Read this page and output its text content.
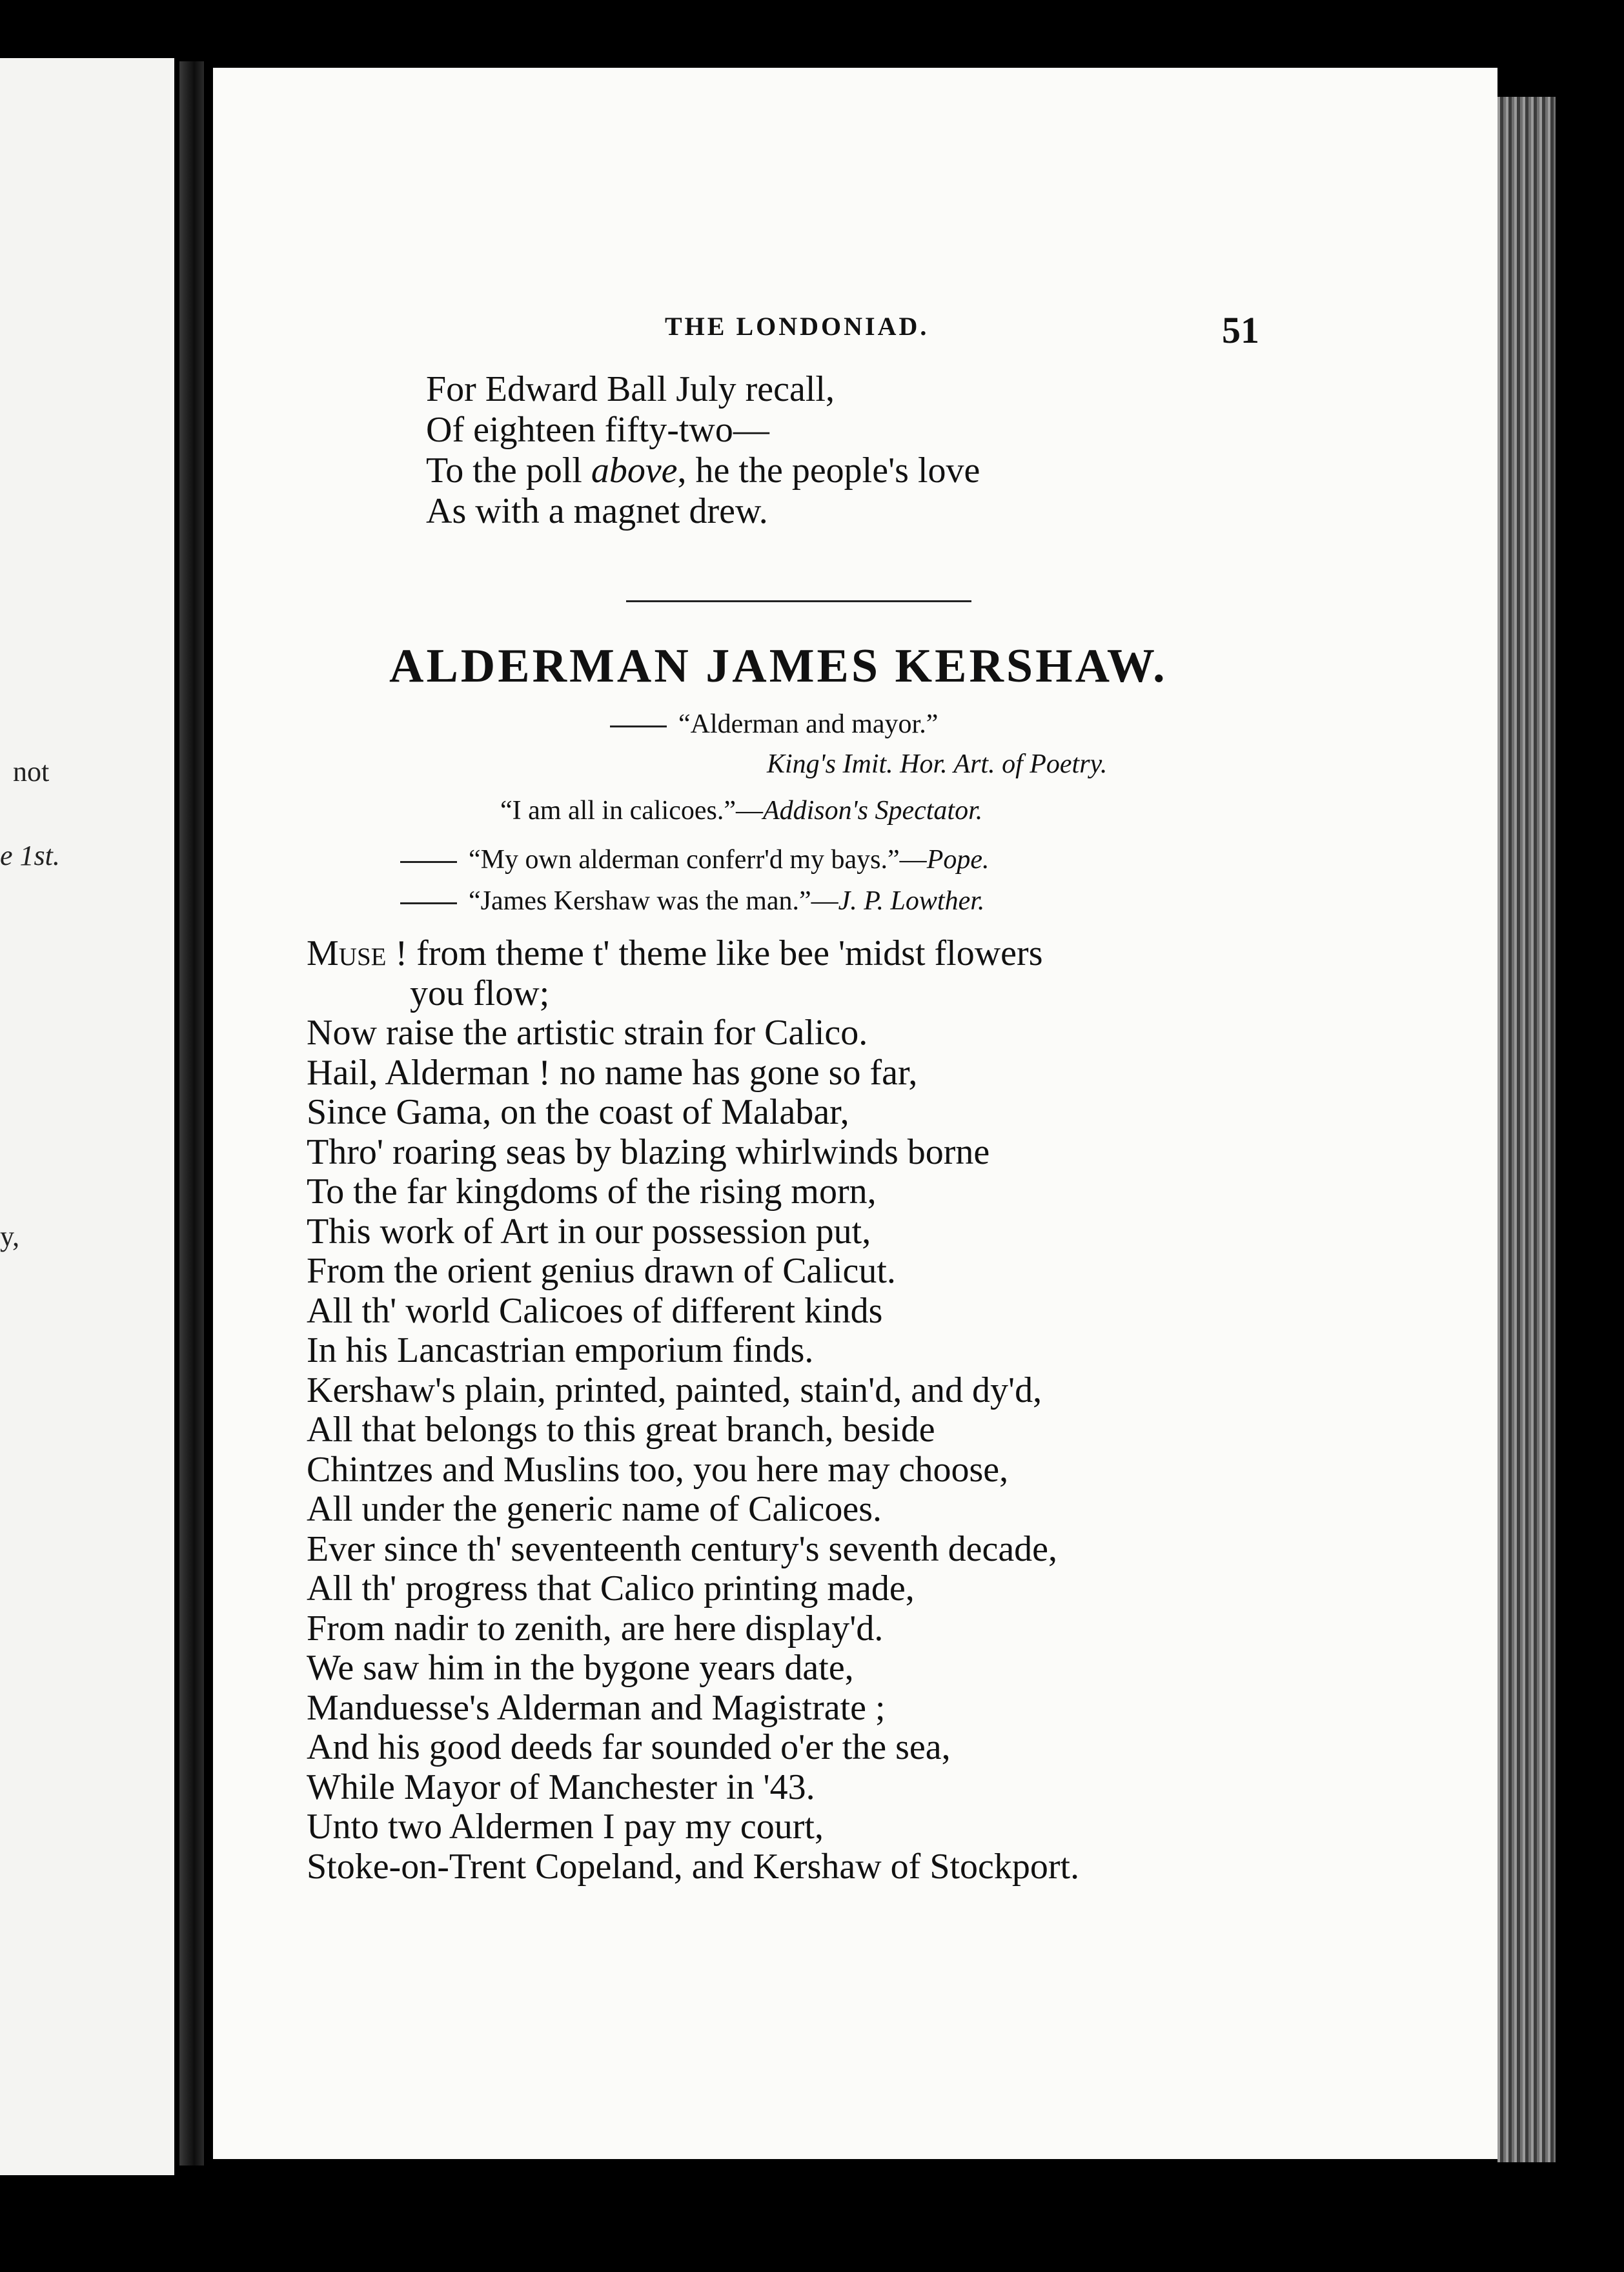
not
e 1st.
y,
THE LONDONIAD.	51
For Edward Ball July recall,
Of eighteen fifty-two—
To the poll above, he the people's love
As with a magnet drew.
ALDERMAN JAMES KERSHAW.
“Alderman and mayor.”
King's Imit. Hor. Art. of Poetry.
“I am all in calicoes.”—Addison's Spectator.
“My own alderman conferr'd my bays.”—Pope.
“James Kershaw was the man.”—J. P. Lowther.
Muse ! from theme t' theme like bee 'midst flowers
you flow;
Now raise the artistic strain for Calico.
Hail, Alderman ! no name has gone so far,
Since Gama, on the coast of Malabar,
Thro' roaring seas by blazing whirlwinds borne
To the far kingdoms of the rising morn,
This work of Art in our possession put,
From the orient genius drawn of Calicut.
All th' world Calicoes of different kinds
In his Lancastrian emporium finds.
Kershaw's plain, printed, painted, stain'd, and dy'd,
All that belongs to this great branch, beside
Chintzes and Muslins too, you here may choose,
All under the generic name of Calicoes.
Ever since th' seventeenth century's seventh decade,
All th' progress that Calico printing made,
From nadir to zenith, are here display'd.
We saw him in the bygone years date,
Manduesse's Alderman and Magistrate ;
And his good deeds far sounded o'er the sea,
While Mayor of Manchester in '43.
Unto two Aldermen I pay my court,
Stoke-on-Trent Copeland, and Kershaw of Stockport.
